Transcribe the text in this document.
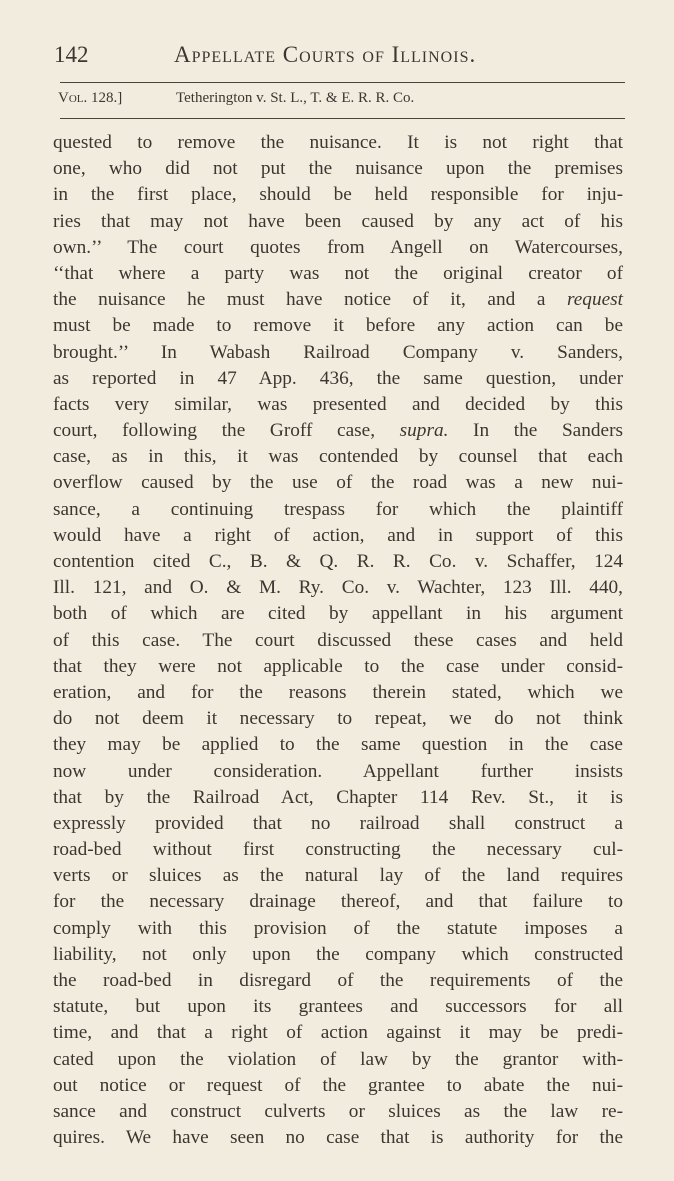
142	Appellate Courts of Illinois.
Vol. 128.]	Tetherington v. St. L., T. & E. R. R. Co.
quested to remove the nuisance. It is not right that
one, who did not put the nuisance upon the premises
in the first place, should be held responsible for inju-
ries that may not have been caused by any act of his
own.’’ The court quotes from Angell on Watercourses,
‘‘that where a party was not the original creator of
the nuisance he must have notice of it, and a request
must be made to remove it before any action can be
brought.’’ In Wabash Railroad Company v. Sanders,
as reported in 47 App. 436, the same question, under
facts very similar, was presented and decided by this
court, following the Groff case, supra. In the Sanders
case, as in this, it was contended by counsel that each
overflow caused by the use of the road was a new nui-
sance, a continuing trespass for which the plaintiff
would have a right of action, and in support of this
contention cited C., B. & Q. R. R. Co. v. Schaffer, 124
Ill. 121, and O. & M. Ry. Co. v. Wachter, 123 Ill. 440,
both of which are cited by appellant in his argument
of this case. The court discussed these cases and held
that they were not applicable to the case under consid-
eration, and for the reasons therein stated, which we
do not deem it necessary to repeat, we do not think
they may be applied to the same question in the case
now under consideration. Appellant further insists
that by the Railroad Act, Chapter 114 Rev. St., it is
expressly provided that no railroad shall construct a
road-bed without first constructing the necessary cul-
verts or sluices as the natural lay of the land requires
for the necessary drainage thereof, and that failure to
comply with this provision of the statute imposes a
liability, not only upon the company which constructed
the road-bed in disregard of the requirements of the
statute, but upon its grantees and successors for all
time, and that a right of action against it may be predi-
cated upon the violation of law by the grantor with-
out notice or request of the grantee to abate the nui-
sance and construct culverts or sluices as the law re-
quires. We have seen no case that is authority for the
